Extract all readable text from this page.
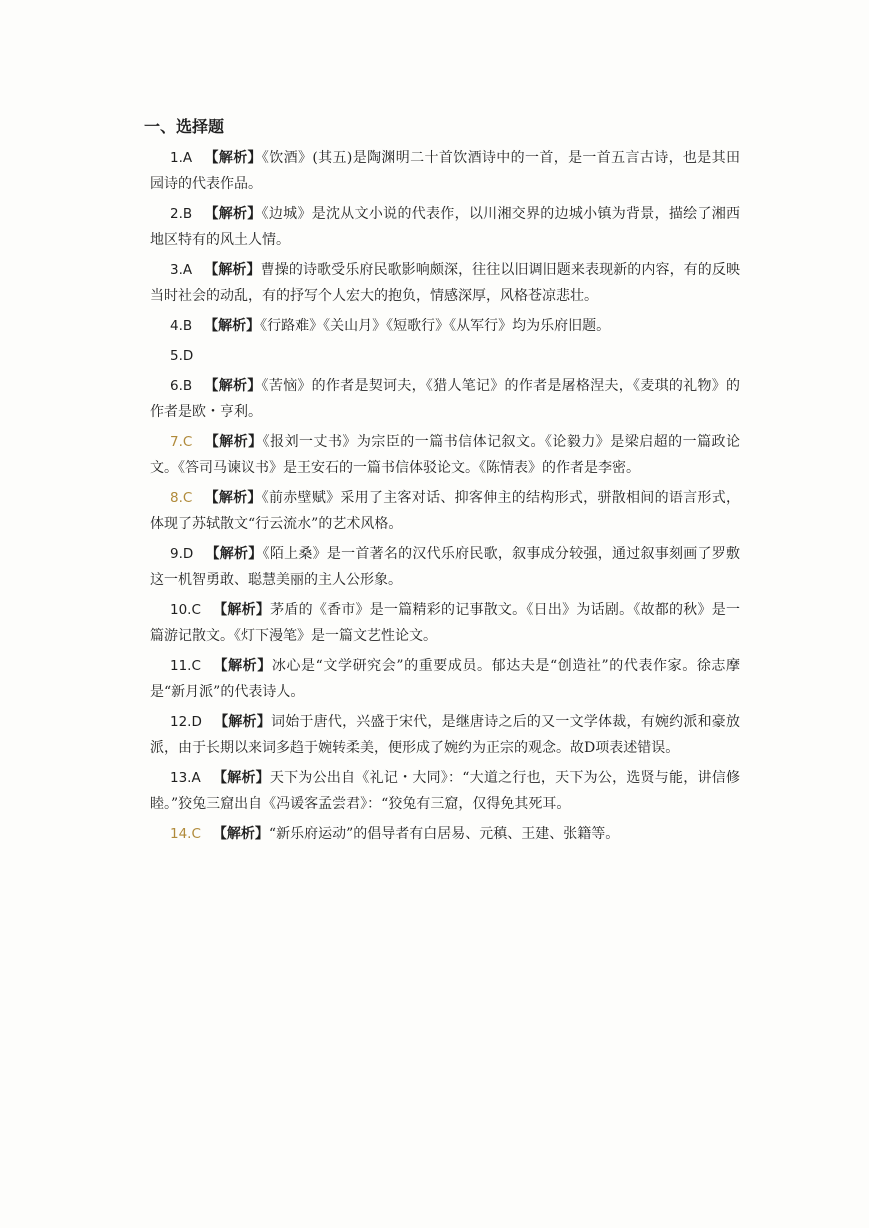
一、选择题

1.A 【解析】《饮酒》(其五)是陶渊明二十首饮酒诗中的一首，是一首五言古诗，也是其田园诗的代表作品。

2.B 【解析】《边城》是沈从文小说的代表作，以川湘交界的边城小镇为背景，描绘了湘西地区特有的风土人情。

3.A 【解析】曹操的诗歌受乐府民歌影响颇深，往往以旧调旧题来表现新的内容，有的反映当时社会的动乱，有的抒写个人宏大的抱负，情感深厚，风格苍凉悲壮。

4.B 【解析】《行路难》《关山月》《短歌行》《从军行》均为乐府旧题。

5.D

6.B 【解析】《苦恼》的作者是契诃夫，《猎人笔记》的作者是屠格涅夫，《麦琪的礼物》的作者是欧・亨利。

7.C 【解析】《报刘一丈书》为宗臣的一篇书信体记叙文。《论毅力》是梁启超的一篇政论文。《答司马谏议书》是王安石的一篇书信体驳论文。《陈情表》的作者是李密。

8.C 【解析】《前赤壁赋》采用了主客对话、抑客伸主的结构形式，骈散相间的语言形式，体现了苏轼散文“行云流水”的艺术风格。

9.D 【解析】《陌上桑》是一首著名的汉代乐府民歌，叙事成分较强，通过叙事刻画了罗敷这一机智勇敢、聪慧美丽的主人公形象。

10.C 【解析】茅盾的《香市》是一篇精彩的记事散文。《日出》为话剧。《故都的秋》是一篇游记散文。《灯下漫笔》是一篇文艺性论文。

11.C 【解析】冰心是“文学研究会”的重要成员。郁达夫是“创造社”的代表作家。徐志摩是“新月派”的代表诗人。

12.D 【解析】词始于唐代，兴盛于宋代，是继唐诗之后的又一文学体裁，有婉约派和豪放派，由于长期以来词多趋于婉转柔美，便形成了婉约为正宗的观念。故D项表述错误。

13.A 【解析】天下为公出自《礼记・大同》：“大道之行也，天下为公，选贤与能，讲信修睦。”狡兔三窟出自《冯谖客孟尝君》：“狡兔有三窟，仅得免其死耳。

14.C 【解析】“新乐府运动”的倡导者有白居易、元稹、王建、张籍等。
